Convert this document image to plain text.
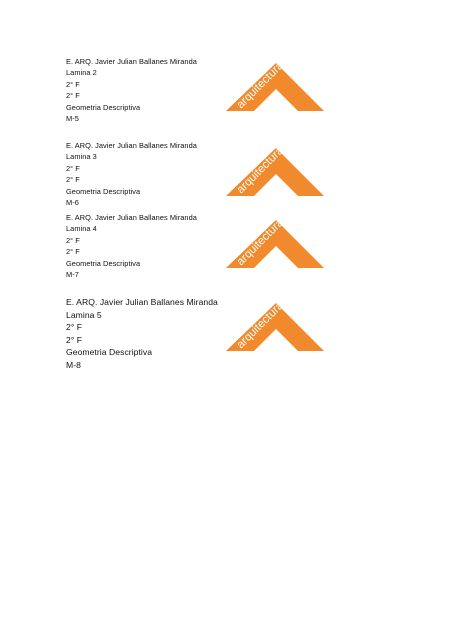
E. ARQ. Javier Julian Ballanes Miranda
Lamina 2
2° F
2° F
Geometria Descriptiva
M-5
arquitectura
E. ARQ. Javier Julian Ballanes Miranda
Lamina 3
2° F
2° F
Geometria Descriptiva
M-6
arquitectura
E. ARQ. Javier Julian Ballanes Miranda
Lamina 4
2° F
2° F
Geometria Descriptiva
M-7
arquitectura
E. ARQ. Javier Julian Ballanes Miranda
Lamina 5
2° F
2° F
Geometria Descriptiva
M-8
arquitectura
